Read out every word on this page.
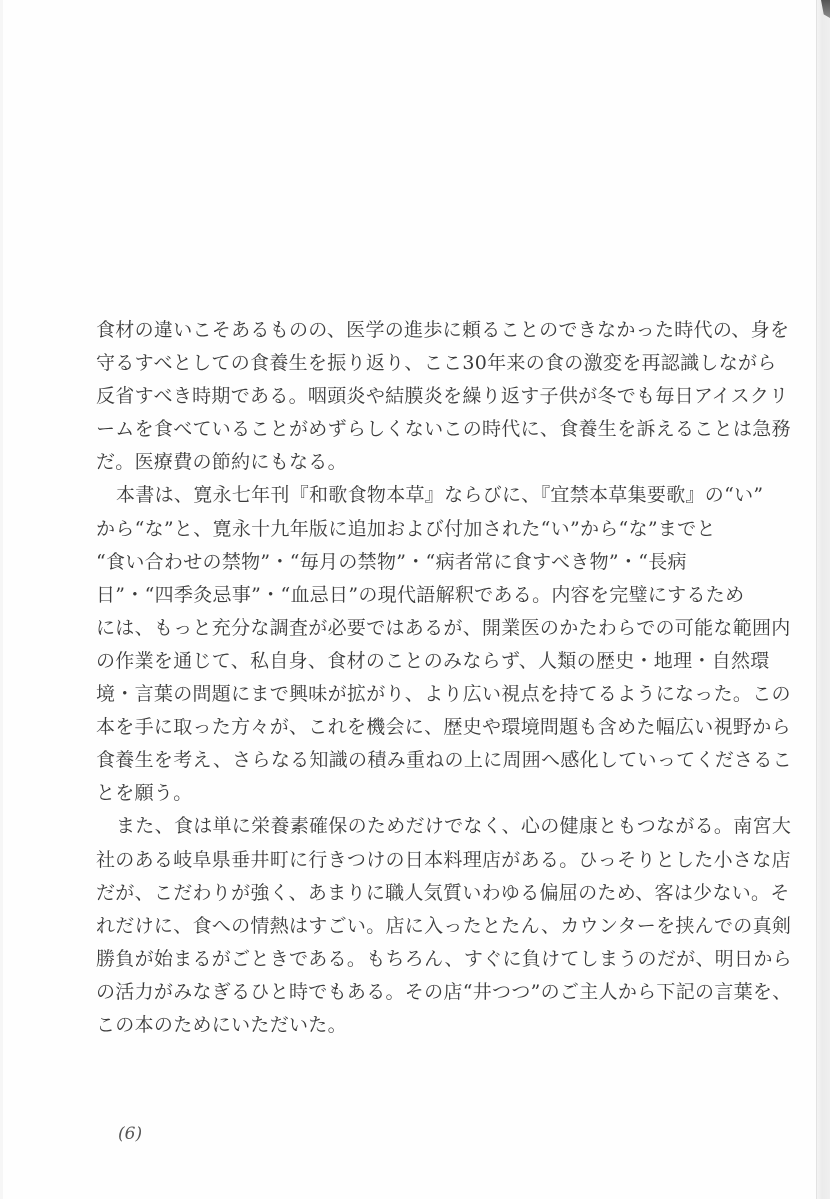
食材の違いこそあるものの、医学の進歩に頼ることのできなかった時代の、身を
守るすべとしての食養生を振り返り、ここ30年来の食の激変を再認識しながら
反省すべき時期である。咽頭炎や結膜炎を繰り返す子供が冬でも毎日アイスクリ
ームを食べていることがめずらしくないこの時代に、食養生を訴えることは急務
だ。医療費の節約にもなる。
本書は、寛永七年刊『和歌食物本草』ならびに、『宜禁本草集要歌』の“い”
から“な”と、寛永十九年版に追加および付加された“い”から“な”までと
“食い合わせの禁物”・“毎月の禁物”・“病者常に食すべき物”・“長病
日”・“四季灸忌事”・“血忌日”の現代語解釈である。内容を完璧にするため
には、もっと充分な調査が必要ではあるが、開業医のかたわらでの可能な範囲内
の作業を通じて、私自身、食材のことのみならず、人類の歴史・地理・自然環
境・言葉の問題にまで興味が拡がり、より広い視点を持てるようになった。この
本を手に取った方々が、これを機会に、歴史や環境問題も含めた幅広い視野から
食養生を考え、さらなる知識の積み重ねの上に周囲へ感化していってくださるこ
とを願う。
また、食は単に栄養素確保のためだけでなく、心の健康ともつながる。南宮大
社のある岐阜県垂井町に行きつけの日本料理店がある。ひっそりとした小さな店
だが、こだわりが強く、あまりに職人気質いわゆる偏屈のため、客は少ない。そ
れだけに、食への情熱はすごい。店に入ったとたん、カウンターを挟んでの真剣
勝負が始まるがごときである。もちろん、すぐに負けてしまうのだが、明日から
の活力がみなぎるひと時でもある。その店“井つつ”のご主人から下記の言葉を、
この本のためにいただいた。
(6)
